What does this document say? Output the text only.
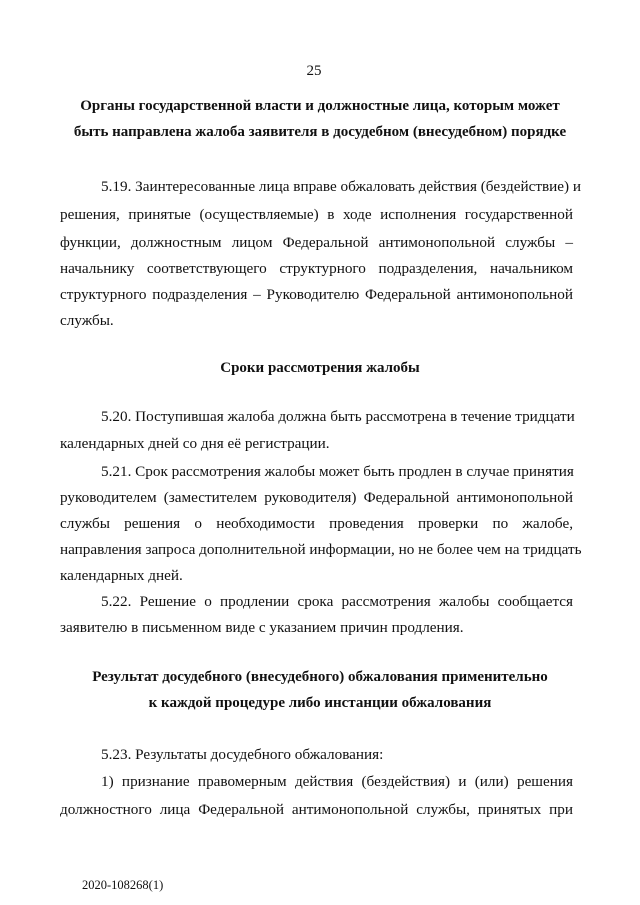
25
Органы государственной власти и должностные лица, которым может
быть направлена жалоба заявителя в досудебном (внесудебном) порядке
5.19. Заинтересованные лица вправе обжаловать действия (бездействие) и
решения, принятые (осуществляемые) в ходе исполнения государственной
функции, должностным лицом Федеральной антимонопольной службы –
начальнику соответствующего структурного подразделения, начальником
структурного подразделения – Руководителю Федеральной антимонопольной
службы.
Сроки рассмотрения жалобы
5.20. Поступившая жалоба должна быть рассмотрена в течение тридцати
календарных дней со дня её регистрации.
5.21. Срок рассмотрения жалобы может быть продлен в случае принятия
руководителем (заместителем руководителя) Федеральной антимонопольной
службы решения о необходимости проведения проверки по жалобе,
направления запроса дополнительной информации, но не более чем на тридцать
календарных дней.
5.22. Решение о продлении срока рассмотрения жалобы сообщается
заявителю в письменном виде с указанием причин продления.
Результат досудебного (внесудебного) обжалования применительно
к каждой процедуре либо инстанции обжалования
5.23. Результаты досудебного обжалования:
1) признание правомерным действия (бездействия) и (или) решения
должностного лица Федеральной антимонопольной службы, принятых при
2020-108268(1)
